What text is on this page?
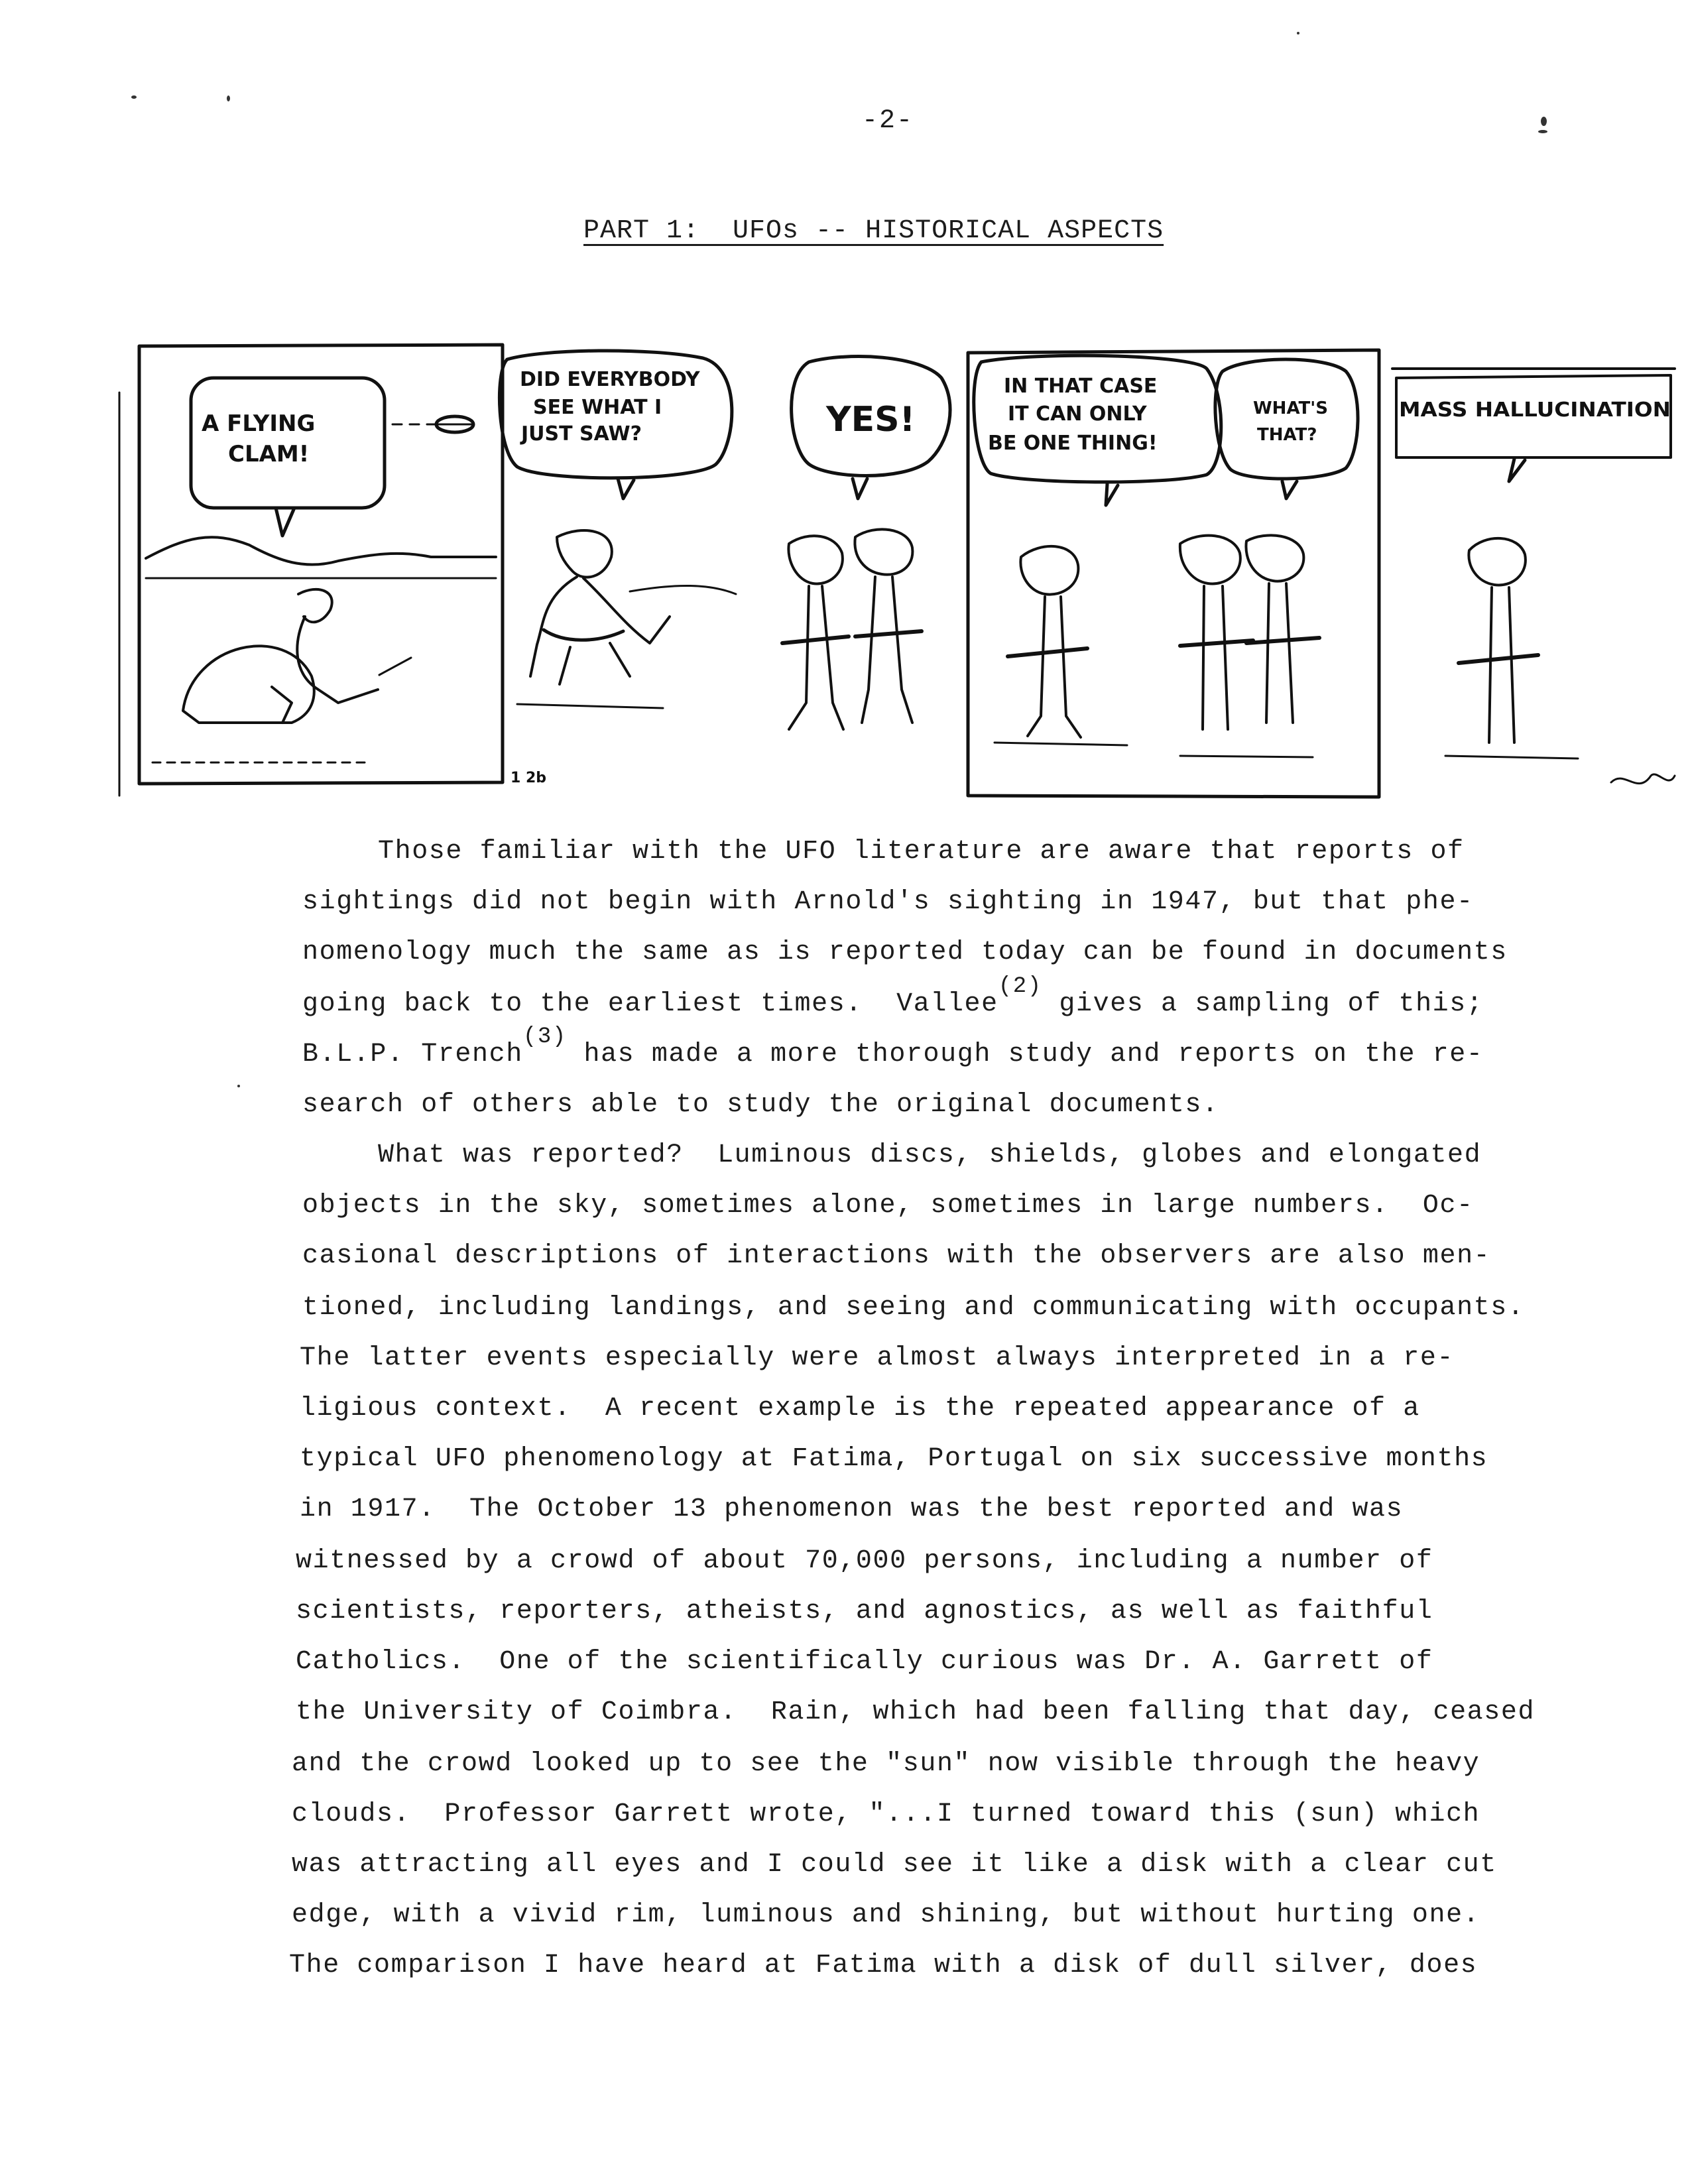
-2-
PART 1:  UFOs -- HISTORICAL ASPECTS
A FLYING
CLAM!
DID EVERYBODY
SEE WHAT I
JUST SAW?	YES!
IN THAT CASE
IT CAN ONLY
BE ONE THING!
WHAT'S
THAT?
MASS HALLUCINATION
1 2b
Those familiar with the UFO literature are aware that reports of
sightings did not begin with Arnold's sighting in 1947, but that phe-
nomenology much the same as is reported today can be found in documents
going back to the earliest times.  Vallee$^{(2)}$ gives a sampling of this;
B.L.P. Trench$^{(3)}$ has made a more thorough study and reports on the re-
search of others able to study the original documents.
What was reported?  Luminous discs, shields, globes and elongated
objects in the sky, sometimes alone, sometimes in large numbers.  Oc-
casional descriptions of interactions with the observers are also men-
tioned, including landings, and seeing and communicating with occupants.
The latter events especially were almost always interpreted in a re-
ligious context.  A recent example is the repeated appearance of a
typical UFO phenomenology at Fatima, Portugal on six successive months
in 1917.  The October 13 phenomenon was the best reported and was
witnessed by a crowd of about 70,000 persons, including a number of
scientists, reporters, atheists, and agnostics, as well as faithful
Catholics.  One of the scientifically curious was Dr. A. Garrett of
the University of Coimbra.  Rain, which had been falling that day, ceased
and the crowd looked up to see the "sun" now visible through the heavy
clouds.  Professor Garrett wrote, "...I turned toward this (sun) which
was attracting all eyes and I could see it like a disk with a clear cut
edge, with a vivid rim, luminous and shining, but without hurting one.
The comparison I have heard at Fatima with a disk of dull silver, does
